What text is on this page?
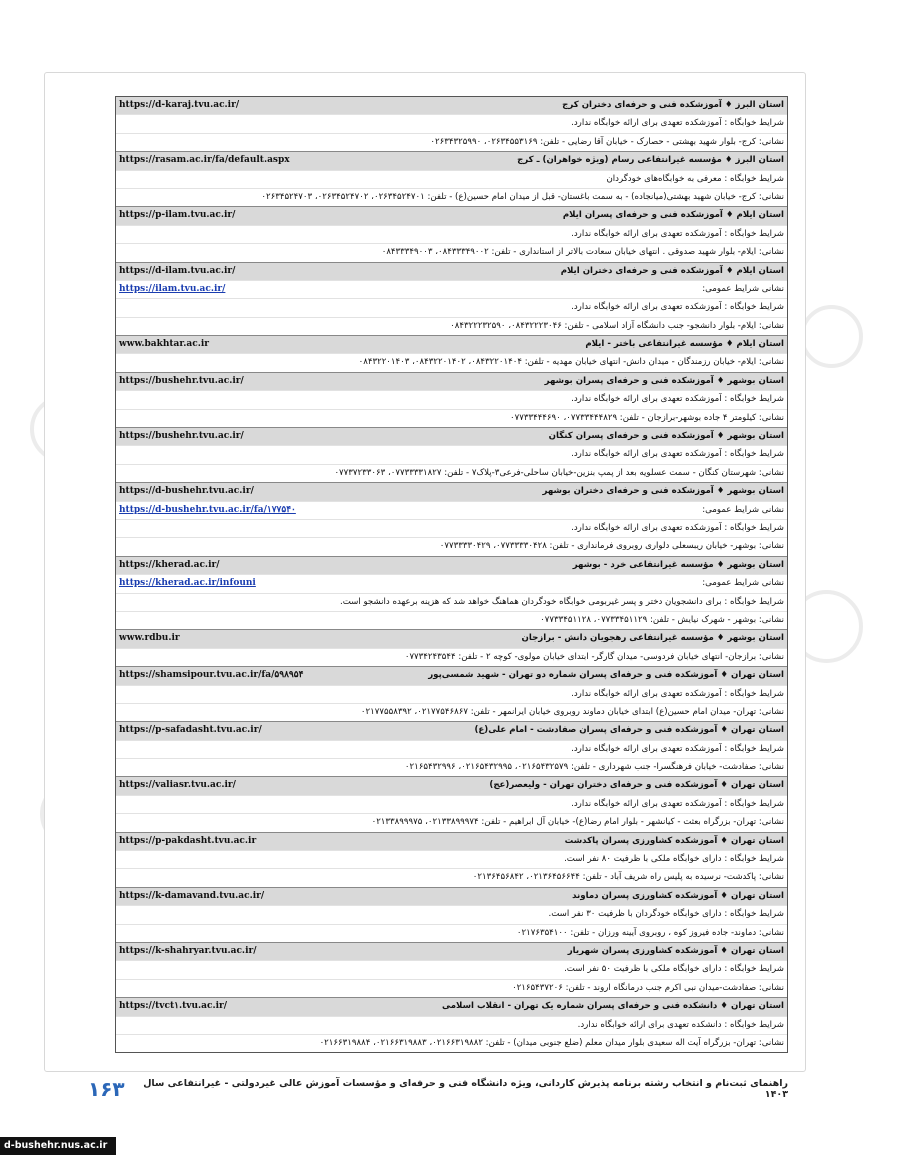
استان البرز ♦ آموزشکده فنی و حرفه‌ای دختران کرج
https://d-karaj.tvu.ac.ir/
شرایط خوابگاه : آموزشکده تعهدی برای ارائه خوابگاه ندارد.
نشانی: کرج- بلوار شهید بهشتی - حصارک - خیابان آقا رضایی - تلفن: ۰۲۶۳۴۵۵۳۱۶۹، ۰۲۶۳۴۳۲۵۹۹۰
استان البرز ♦ مؤسسه غیرانتفاعی رسام (ویژه خواهران) ـ کرج
https://rasam.ac.ir/fa/default.aspx
شرایط خوابگاه : معرفی به خوابگاه‌های خودگردان
نشانی: کرج- خیابان شهید بهشتی(میانجاده) - به سمت باغستان- قبل از میدان امام حسین(ع) - تلفن: ۰۲۶۳۴۵۲۴۷۰۱، ۰۲۶۳۴۵۲۴۷۰۲، ۰۲۶۳۴۵۲۴۷۰۳
استان ایلام ♦ آموزشکده فنی و حرفه‌ای پسران ایلام
https://p-ilam.tvu.ac.ir/
شرایط خوابگاه : آموزشکده تعهدی برای ارائه خوابگاه ندارد.
نشانی: ایلام- بلوار شهید صدوقی . انتهای خیابان سعادت بالاتر از استانداری - تلفن: ۰۸۴۳۳۳۴۹۰۰۲، ۰۸۴۳۳۳۴۹۰۰۳
استان ایلام ♦ آموزشکده فنی و حرفه‌ای دختران ایلام
https://d-ilam.tvu.ac.ir/
نشانی شرایط عمومی:
https://ilam.tvu.ac.ir/
شرایط خوابگاه : آموزشکده تعهدی برای ارائه خوابگاه ندارد.
نشانی: ایلام- بلوار دانشجو- جنب دانشگاه آزاد اسلامی - تلفن: ۰۸۴۳۲۲۲۳۰۴۶، ۰۸۴۳۲۲۲۳۲۵۹۰
استان ایلام ♦ مؤسسه غیرانتفاعی باختر - ایلام
www.bakhtar.ac.ir
نشانی: ایلام- خیابان رزمندگان - میدان دانش- انتهای خیابان مهدیه - تلفن: ۰۸۴۳۲۲۰۱۴۰۴، ۰۸۴۳۲۲۰۱۴۰۲، ۰۸۴۳۲۲۰۱۴۰۳
استان بوشهر ♦ آموزشکده فنی و حرفه‌ای پسران بوشهر
https://bushehr.tvu.ac.ir/
شرایط خوابگاه : آموزشکده تعهدی برای ارائه خوابگاه ندارد.
نشانی: کیلومتر ۴ جاده بوشهر-برازجان - تلفن: ۰۷۷۳۳۴۴۴۸۲۹، ۰۷۷۳۳۴۴۴۶۹۰
استان بوشهر ♦ آموزشکده فنی و حرفه‌ای پسران کنگان
https://bushehr.tvu.ac.ir/
شرایط خوابگاه : آموزشکده تعهدی برای ارائه خوابگاه ندارد.
نشانی: شهرستان کنگان - سمت عسلویه بعد از پمپ بنزین-خیابان ساحلی-فرعی۳-پلاک۷ - تلفن: ۰۷۷۳۳۳۳۱۸۲۷، ۰۷۷۳۷۲۳۳۰۶۳
استان بوشهر ♦ آموزشکده فنی و حرفه‌ای دختران بوشهر
https://d-bushehr.tvu.ac.ir/
نشانی شرایط عمومی:
https://d-bushehr.tvu.ac.ir/fa/۱۷۷۵۴۰
شرایط خوابگاه : آموزشکده تعهدی برای ارائه خوابگاه ندارد.
نشانی: بوشهر- خیابان ریبسعلی دلواری روبروی فرمانداری - تلفن: ۰۷۷۳۳۳۳۰۴۲۸، ۰۷۷۳۳۳۳۰۴۲۹
استان بوشهر ♦ مؤسسه غیرانتفاعی خرد - بوشهر
https://kherad.ac.ir/
نشانی شرایط عمومی:
https://kherad.ac.ir/infouni
شرایط خوابگاه : برای دانشجویان دختر و پسر غیربومی خوابگاه خودگردان هماهنگ خواهد شد که هزینه برعهده دانشجو است.
نشانی: بوشهر - شهرک نیایش - تلفن: ۰۷۷۳۳۴۵۱۱۲۹، ۰۷۷۳۳۴۵۱۱۲۸
استان بوشهر ♦ مؤسسه غیرانتفاعی رهجویان دانش - برازجان
www.rdbu.ir
نشانی: برازجان- انتهای خیابان فردوسی- میدان گارگر- ابتدای خیابان مولوی- کوچه ۲ - تلفن: ۰۷۷۳۴۲۴۳۵۴۴
استان تهران ♦ آموزشکده فنی و حرفه‌ای پسران شماره دو تهران - شهید شمسی‌پور
https://shamsipour.tvu.ac.ir/fa/۵۹۸۹۵۴
شرایط خوابگاه : آموزشکده تعهدی برای ارائه خوابگاه ندارد.
نشانی: تهران- میدان امام حسین(ع) ابتدای خیابان دماوند روبروی خیابان ایرانمهر - تلفن: ۰۲۱۷۷۵۴۶۸۶۷، ۰۲۱۷۷۵۵۸۳۹۲
استان تهران ♦ آموزشکده فنی و حرفه‌ای پسران صفادشت - امام علی(ع)
https://p-safadasht.tvu.ac.ir/
شرایط خوابگاه : آموزشکده تعهدی برای ارائه خوابگاه ندارد.
نشانی: صفادشت- خیابان فرهنگسرا- جنب شهرداری - تلفن: ۰۲۱۶۵۴۳۲۵۷۹، ۰۲۱۶۵۴۳۲۹۹۵، ۰۲۱۶۵۴۳۲۹۹۶
استان تهران ♦ آموزشکده فنی و حرفه‌ای دختران تهران - ولیعصر(عج)
https://valiasr.tvu.ac.ir/
شرایط خوابگاه : آموزشکده تعهدی برای ارائه خوابگاه ندارد.
نشانی: تهران- بزرگراه بعثت - کیانشهر - بلوار امام رضا(ع)- خیابان آل ابراهیم - تلفن: ۰۲۱۳۳۸۹۹۹۷۴، ۰۲۱۳۳۸۹۹۹۷۵
استان تهران ♦ آموزشکده کشاورزی پسران پاکدشت
https://p-pakdasht.tvu.ac.ir
شرایط خوابگاه : دارای خوابگاه ملکی با ظرفیت ۸۰ نفر است.
نشانی: پاکدشت- نرسیده به پلیس راه شریف آباد - تلفن: ۰۲۱۳۶۴۵۶۶۴۴، ۰۲۱۳۶۴۵۶۸۴۲
استان تهران ♦ آموزشکده کشاورزی پسران دماوند
https://k-damavand.tvu.ac.ir/
شرایط خوابگاه : دارای خوابگاه خودگردان با ظرفیت ۳۰ نفر است.
نشانی: دماوند- جاده فیروز کوه ، روبروی آیینه ورزان - تلفن: ۰۲۱۷۶۳۵۴۱۰۰
استان تهران ♦ آموزشکده کشاورزی پسران شهریار
https://k-shahryar.tvu.ac.ir/
شرایط خوابگاه : دارای خوابگاه ملکی با ظرفیت ۵۰ نفر است.
نشانی: صفادشت-میدان نبی اکرم جنب درمانگاه اروند - تلفن: ۰۲۱۶۵۴۳۷۲۰۶
استان تهران ♦ دانشکده فنی و حرفه‌ای پسران شماره یک تهران - انقلاب اسلامی
https://tvct۱.tvu.ac.ir/
شرایط خوابگاه : دانشکده تعهدی برای ارائه خوابگاه ندارد.
نشانی: تهران- بزرگراه آیت اله سعیدی بلوار میدان معلم (ضلع جنوبی میدان) - تلفن: ۰۲۱۶۶۳۱۹۸۸۲، ۰۲۱۶۶۳۱۹۸۸۳، ۰۲۱۶۶۳۱۹۸۸۴
راهنمای ثبت‌نام و انتخاب رشته برنامه پذیرش کاردانی، ویژه دانشگاه فنی و حرفه‌ای و مؤسسات آموزش عالی غیردولتی - غیرانتفاعی سال ۱۴۰۳
۱۶۳
d-bushehr.nus.ac.ir
